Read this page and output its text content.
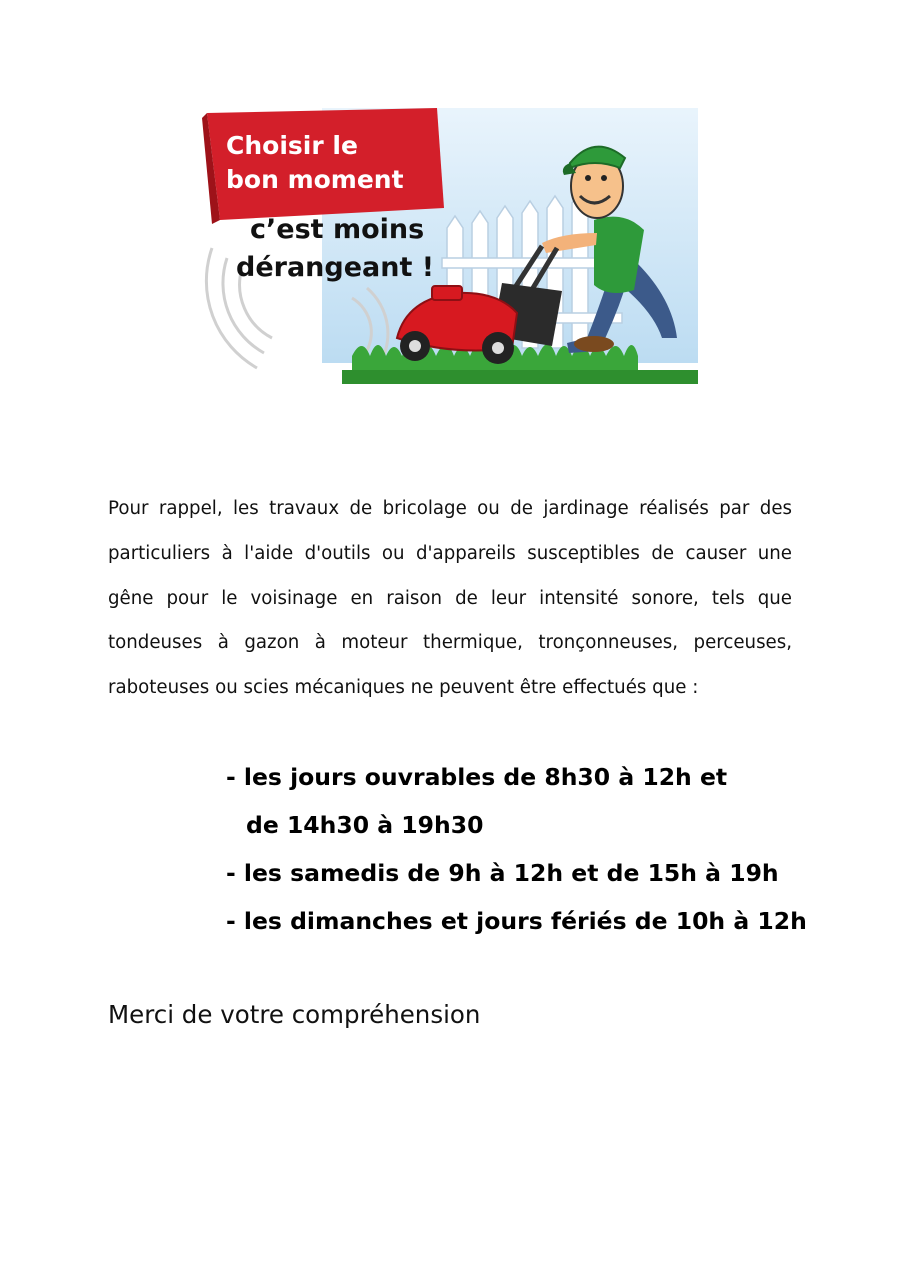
Choisir le
bon moment
c’est moins
dérangeant !

Pour rappel, les travaux de bricolage ou de jardinage réalisés par des particuliers à l'aide d'outils ou d'appareils susceptibles de causer une gêne pour le voisinage en raison de leur intensité sonore, tels que tondeuses à gazon à moteur thermique, tronçonneuses, perceuses, raboteuses ou scies mécaniques ne peuvent être effectués que :

- les jours ouvrables de 8h30 à 12h et
de 14h30 à 19h30
- les samedis de 9h à 12h et de 15h à 19h
- les dimanches et jours fériés de 10h à 12h

Merci de votre compréhension
